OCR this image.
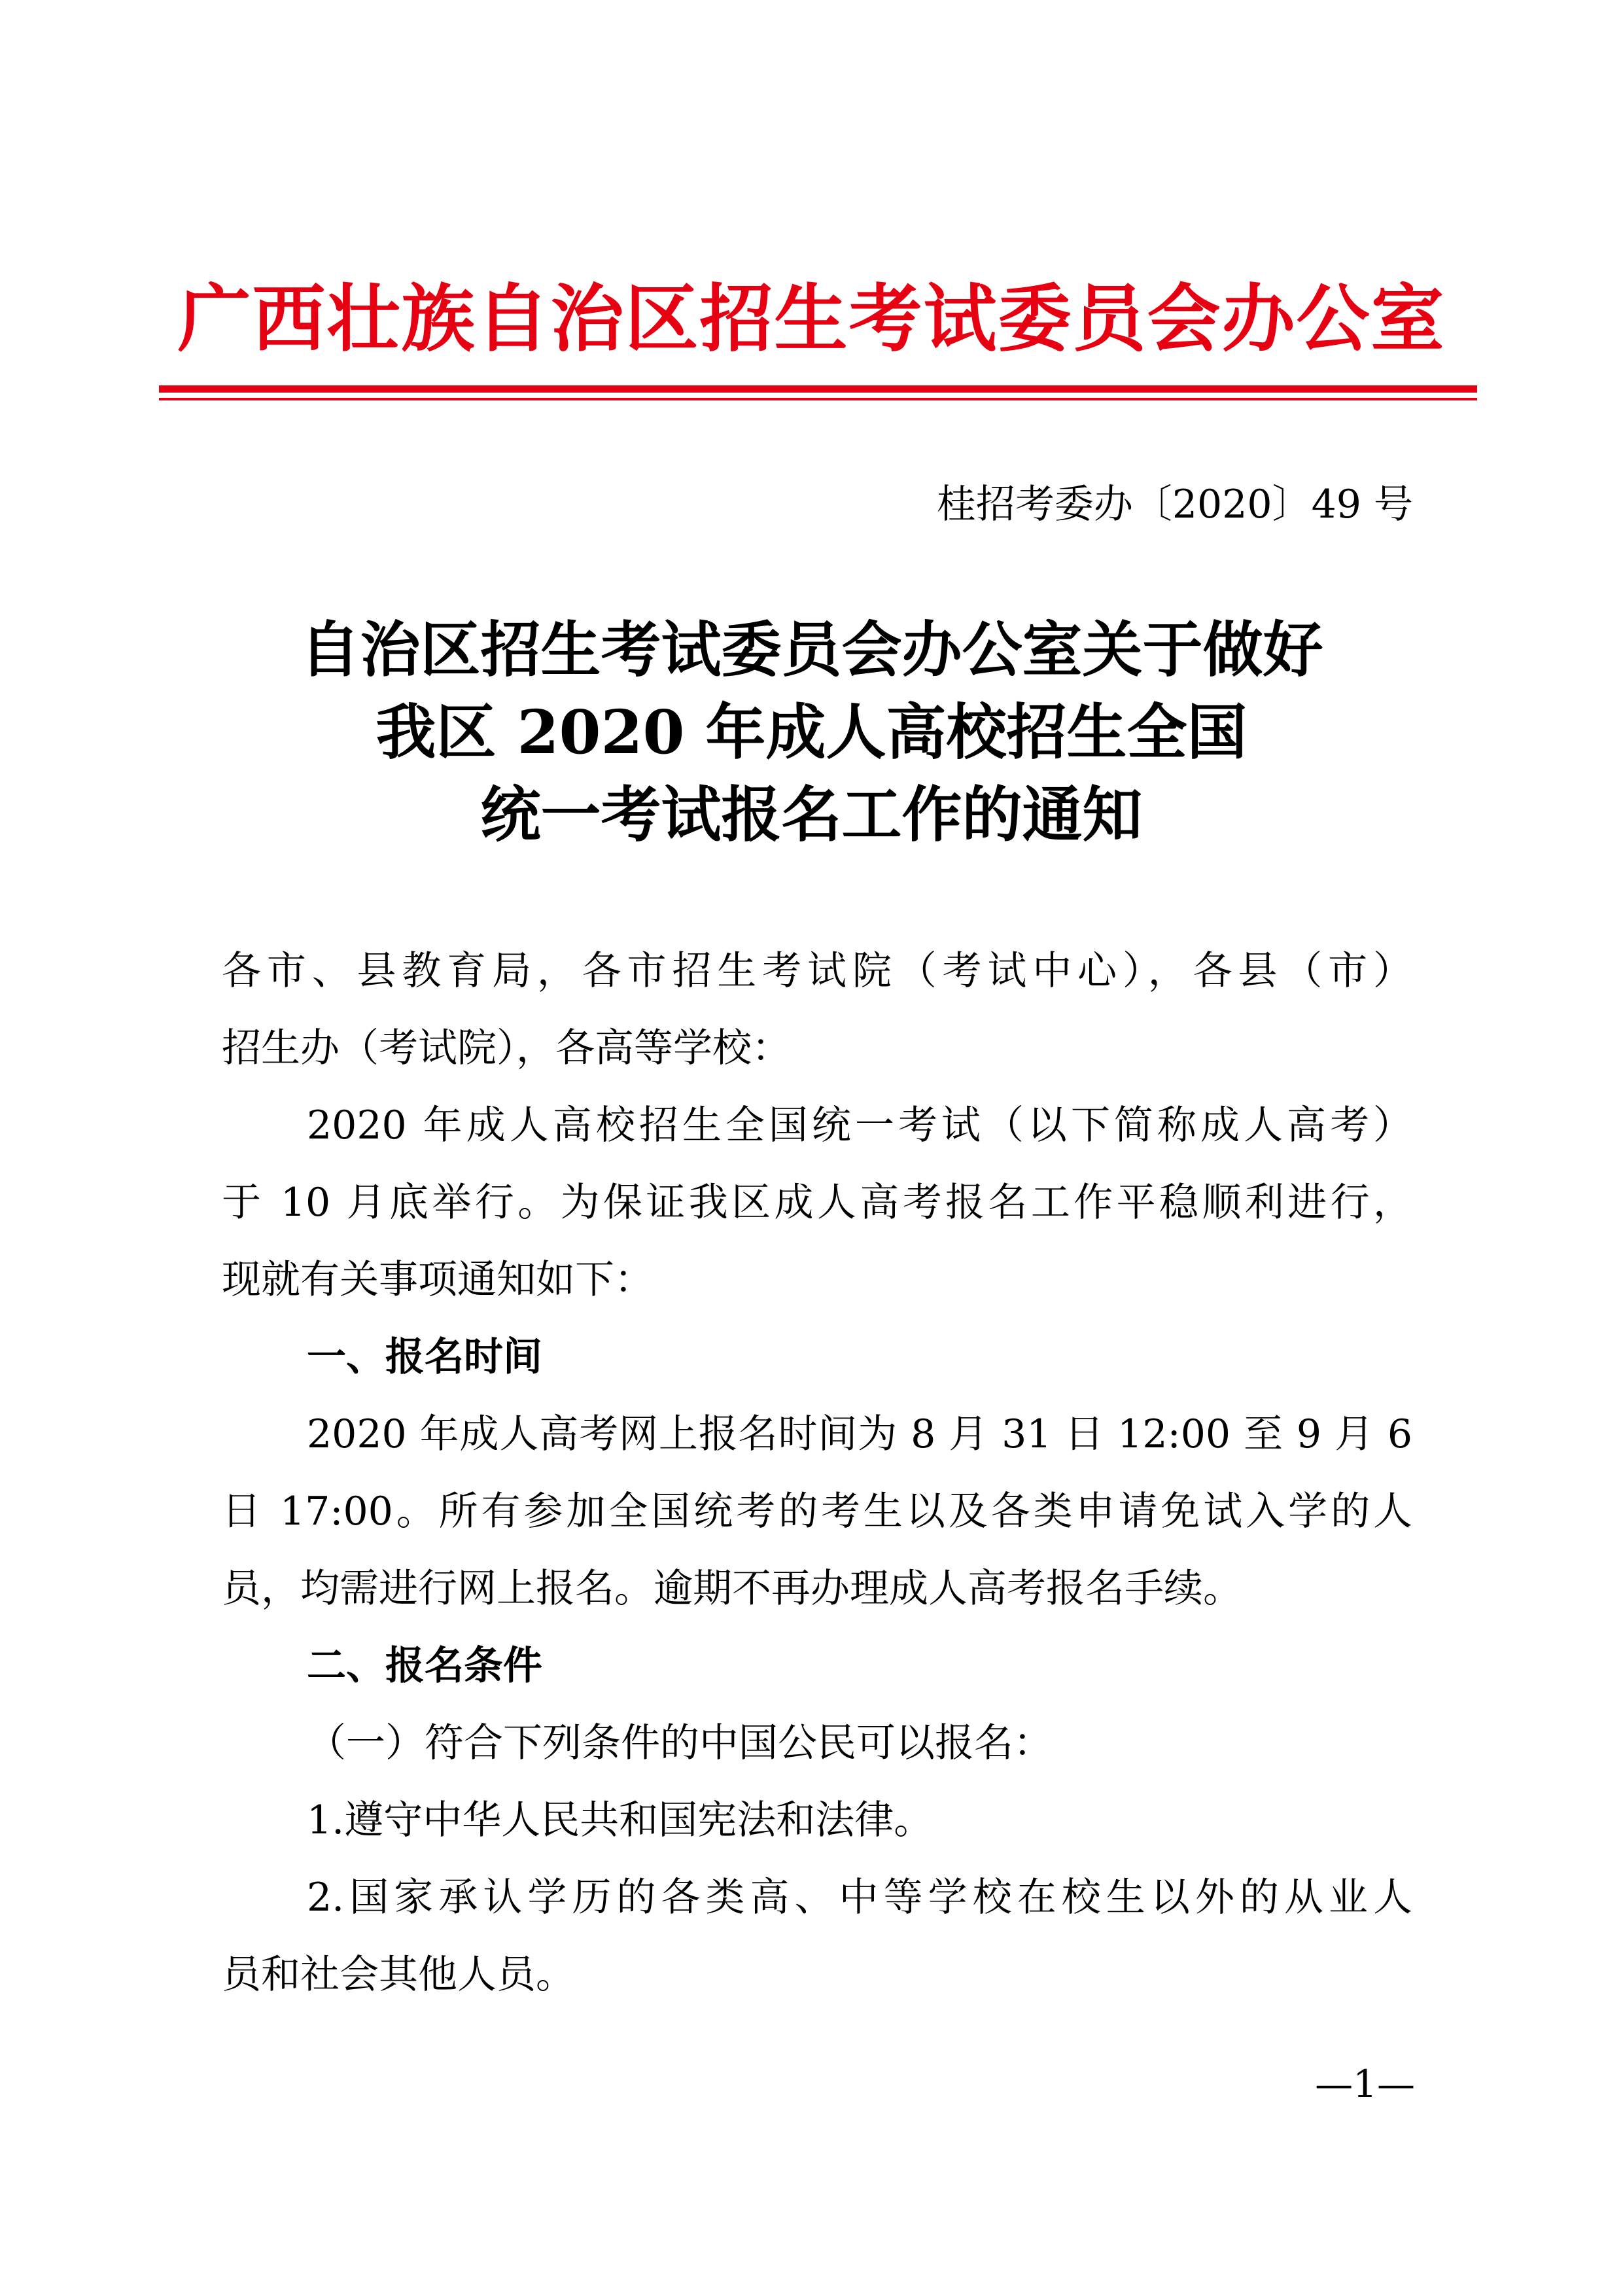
广西壮族自治区招生考试委员会办公室
桂招考委办〔2020〕49 号
自治区招生考试委员会办公室关于做好
我区 2020 年成人高校招生全国
统一考试报名工作的通知
各市、县教育局，各市招生考试院（考试中心），各县（市）
招生办（考试院），各高等学校：
2020 年成人高校招生全国统一考试（以下简称成人高考）
于 10 月底举行。为保证我区成人高考报名工作平稳顺利进行，
现就有关事项通知如下：
一、报名时间
2020 年成人高考网上报名时间为 8 月 31 日 12:00 至 9 月 6
日 17:00。所有参加全国统考的考生以及各类申请免试入学的人
员，均需进行网上报名。逾期不再办理成人高考报名手续。
二、报名条件
（一）符合下列条件的中国公民可以报名：
1.遵守中华人民共和国宪法和法律。
2.国家承认学历的各类高、中等学校在校生以外的从业人
员和社会其他人员。
—1—
